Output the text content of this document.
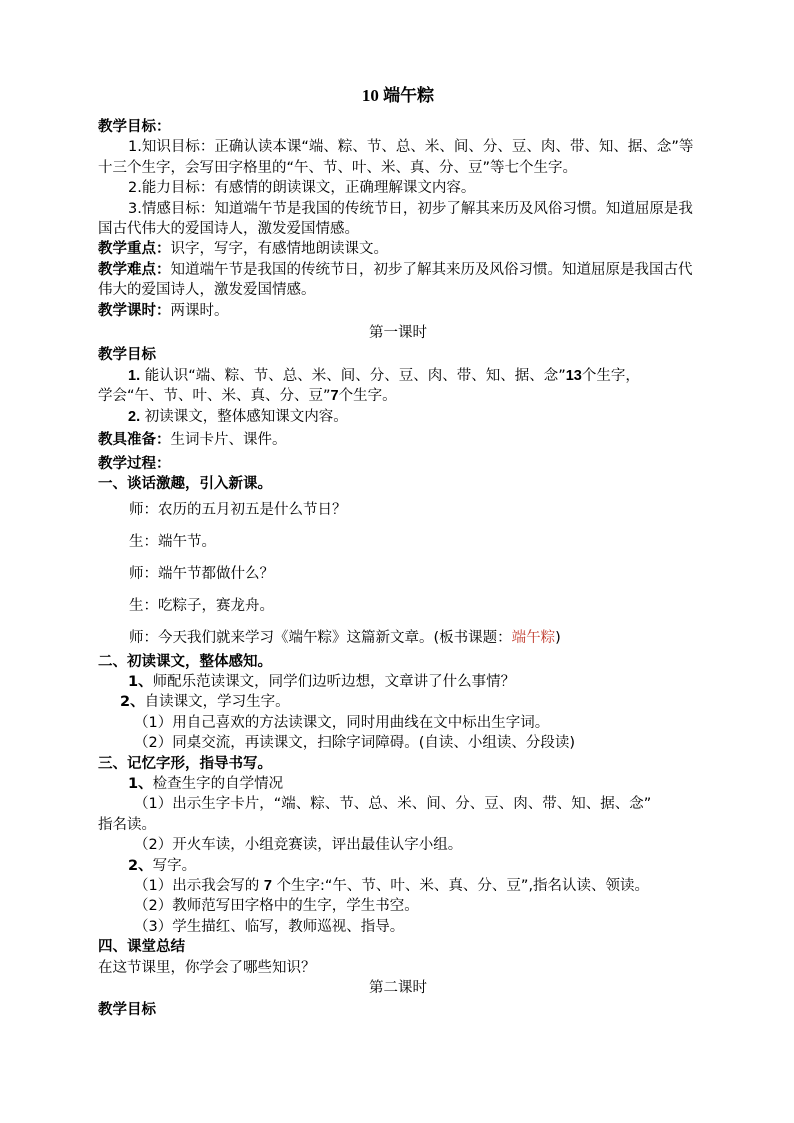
10 端午粽

教学目标：

1.知识目标：正确认读本课“端、粽、节、总、米、间、分、豆、肉、带、知、据、念”等十三个生字，会写田字格里的“午、节、叶、米、真、分、豆”等七个生字。

2.能力目标：有感情的朗读课文，正确理解课文内容。

3.情感目标：知道端午节是我国的传统节日，初步了解其来历及风俗习惯。知道屈原是我国古代伟大的爱国诗人，激发爱国情感。

教学重点：识字，写字，有感情地朗读课文。

教学难点：知道端午节是我国的传统节日，初步了解其来历及风俗习惯。知道屈原是我国古代伟大的爱国诗人，激发爱国情感。

教学课时：两课时。

第一课时

教学目标

1. 能认识“端、粽、节、总、米、间、分、豆、肉、带、知、据、念”13个生字，

学会“午、节、叶、米、真、分、豆”7个生字。

2. 初读课文，整体感知课文内容。

教具准备：生词卡片、课件。

教学过程：

一、谈话激趣，引入新课。

师：农历的五月初五是什么节日？

生：端午节。

师：端午节都做什么？

生：吃粽子，赛龙舟。

师：今天我们就来学习《端午粽》这篇新文章。(板书课题：端午粽)

二、初读课文，整体感知。

1、师配乐范读课文，同学们边听边想，文章讲了什么事情？

2、自读课文，学习生字。

（1）用自己喜欢的方法读课文，同时用曲线在文中标出生字词。

（2）同桌交流，再读课文，扫除字词障碍。(自读、小组读、分段读)

三、记忆字形，指导书写。

1、检查生字的自学情况

（1）出示生字卡片，“端、粽、节、总、米、间、分、豆、肉、带、知、据、念”

指名读。

（2）开火车读，小组竞赛读，评出最佳认字小组。

2、写字。

（1）出示我会写的 7 个生字:“午、节、叶、米、真、分、豆”,指名认读、领读。

（2）教师范写田字格中的生字，学生书空。

（3）学生描红、临写，教师巡视、指导。

四、课堂总结

在这节课里，你学会了哪些知识？

第二课时

教学目标
